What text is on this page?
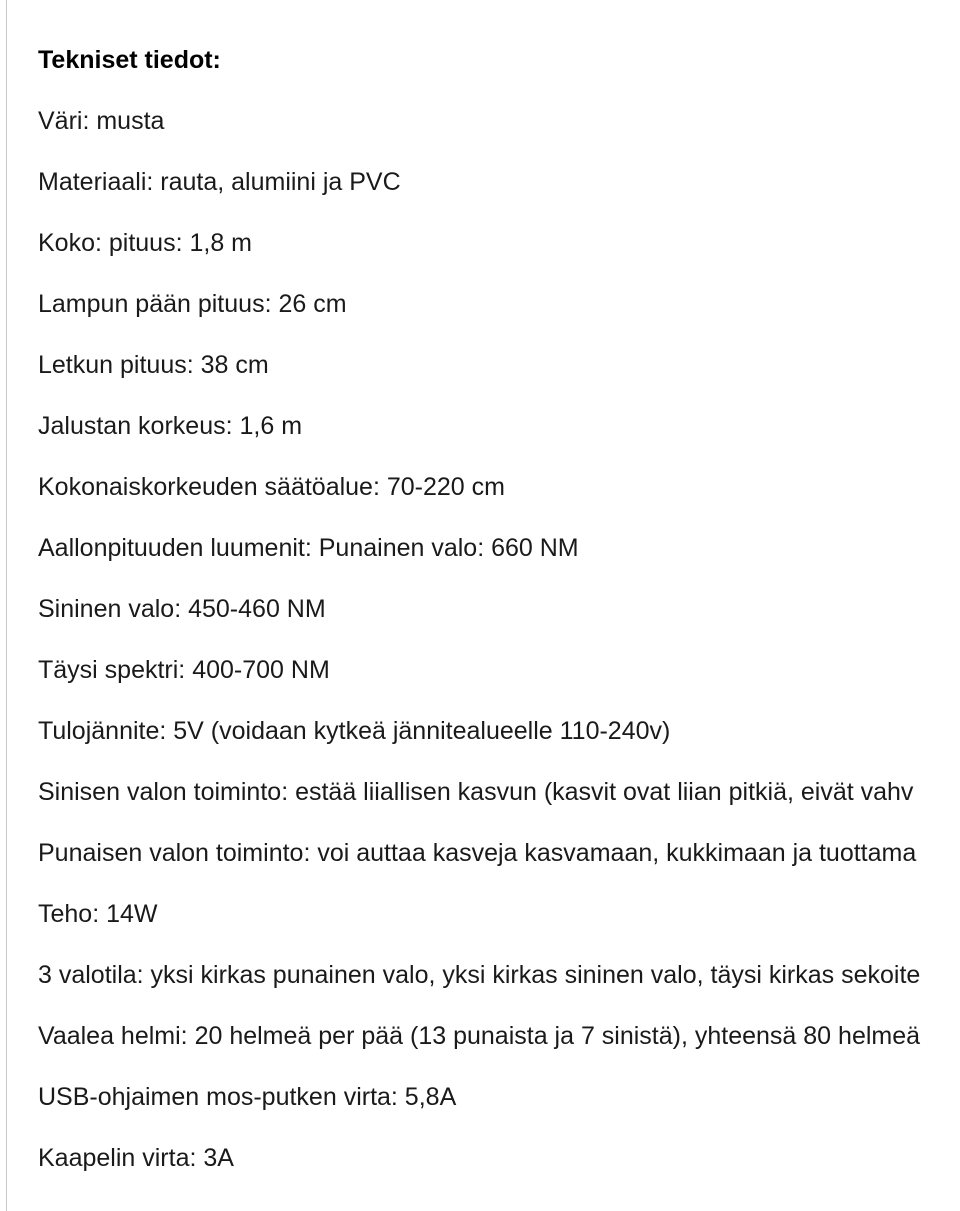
Tekniset tiedot:
Väri: musta
Materiaali: rauta, alumiini ja PVC
Koko: pituus: 1,8 m
Lampun pään pituus: 26 cm
Letkun pituus: 38 cm
Jalustan korkeus: 1,6 m
Kokonaiskorkeuden säätöalue: 70-220 cm
Aallonpituuden luumenit: Punainen valo: 660 NM
Sininen valo: 450-460 NM
Täysi spektri: 400-700 NM
Tulojännite: 5V (voidaan kytkeä jännitealueelle 110-240v)
Sinisen valon toiminto: estää liiallisen kasvun (kasvit ovat liian pitkiä, eivät vahv
Punaisen valon toiminto: voi auttaa kasveja kasvamaan, kukkimaan ja tuottama
Teho: 14W
3 valotila: yksi kirkas punainen valo, yksi kirkas sininen valo, täysi kirkas sekoite
Vaalea helmi: 20 helmeä per pää (13 punaista ja 7 sinistä), yhteensä 80 helmeä
USB-ohjaimen mos-putken virta: 5,8A
Kaapelin virta: 3A
